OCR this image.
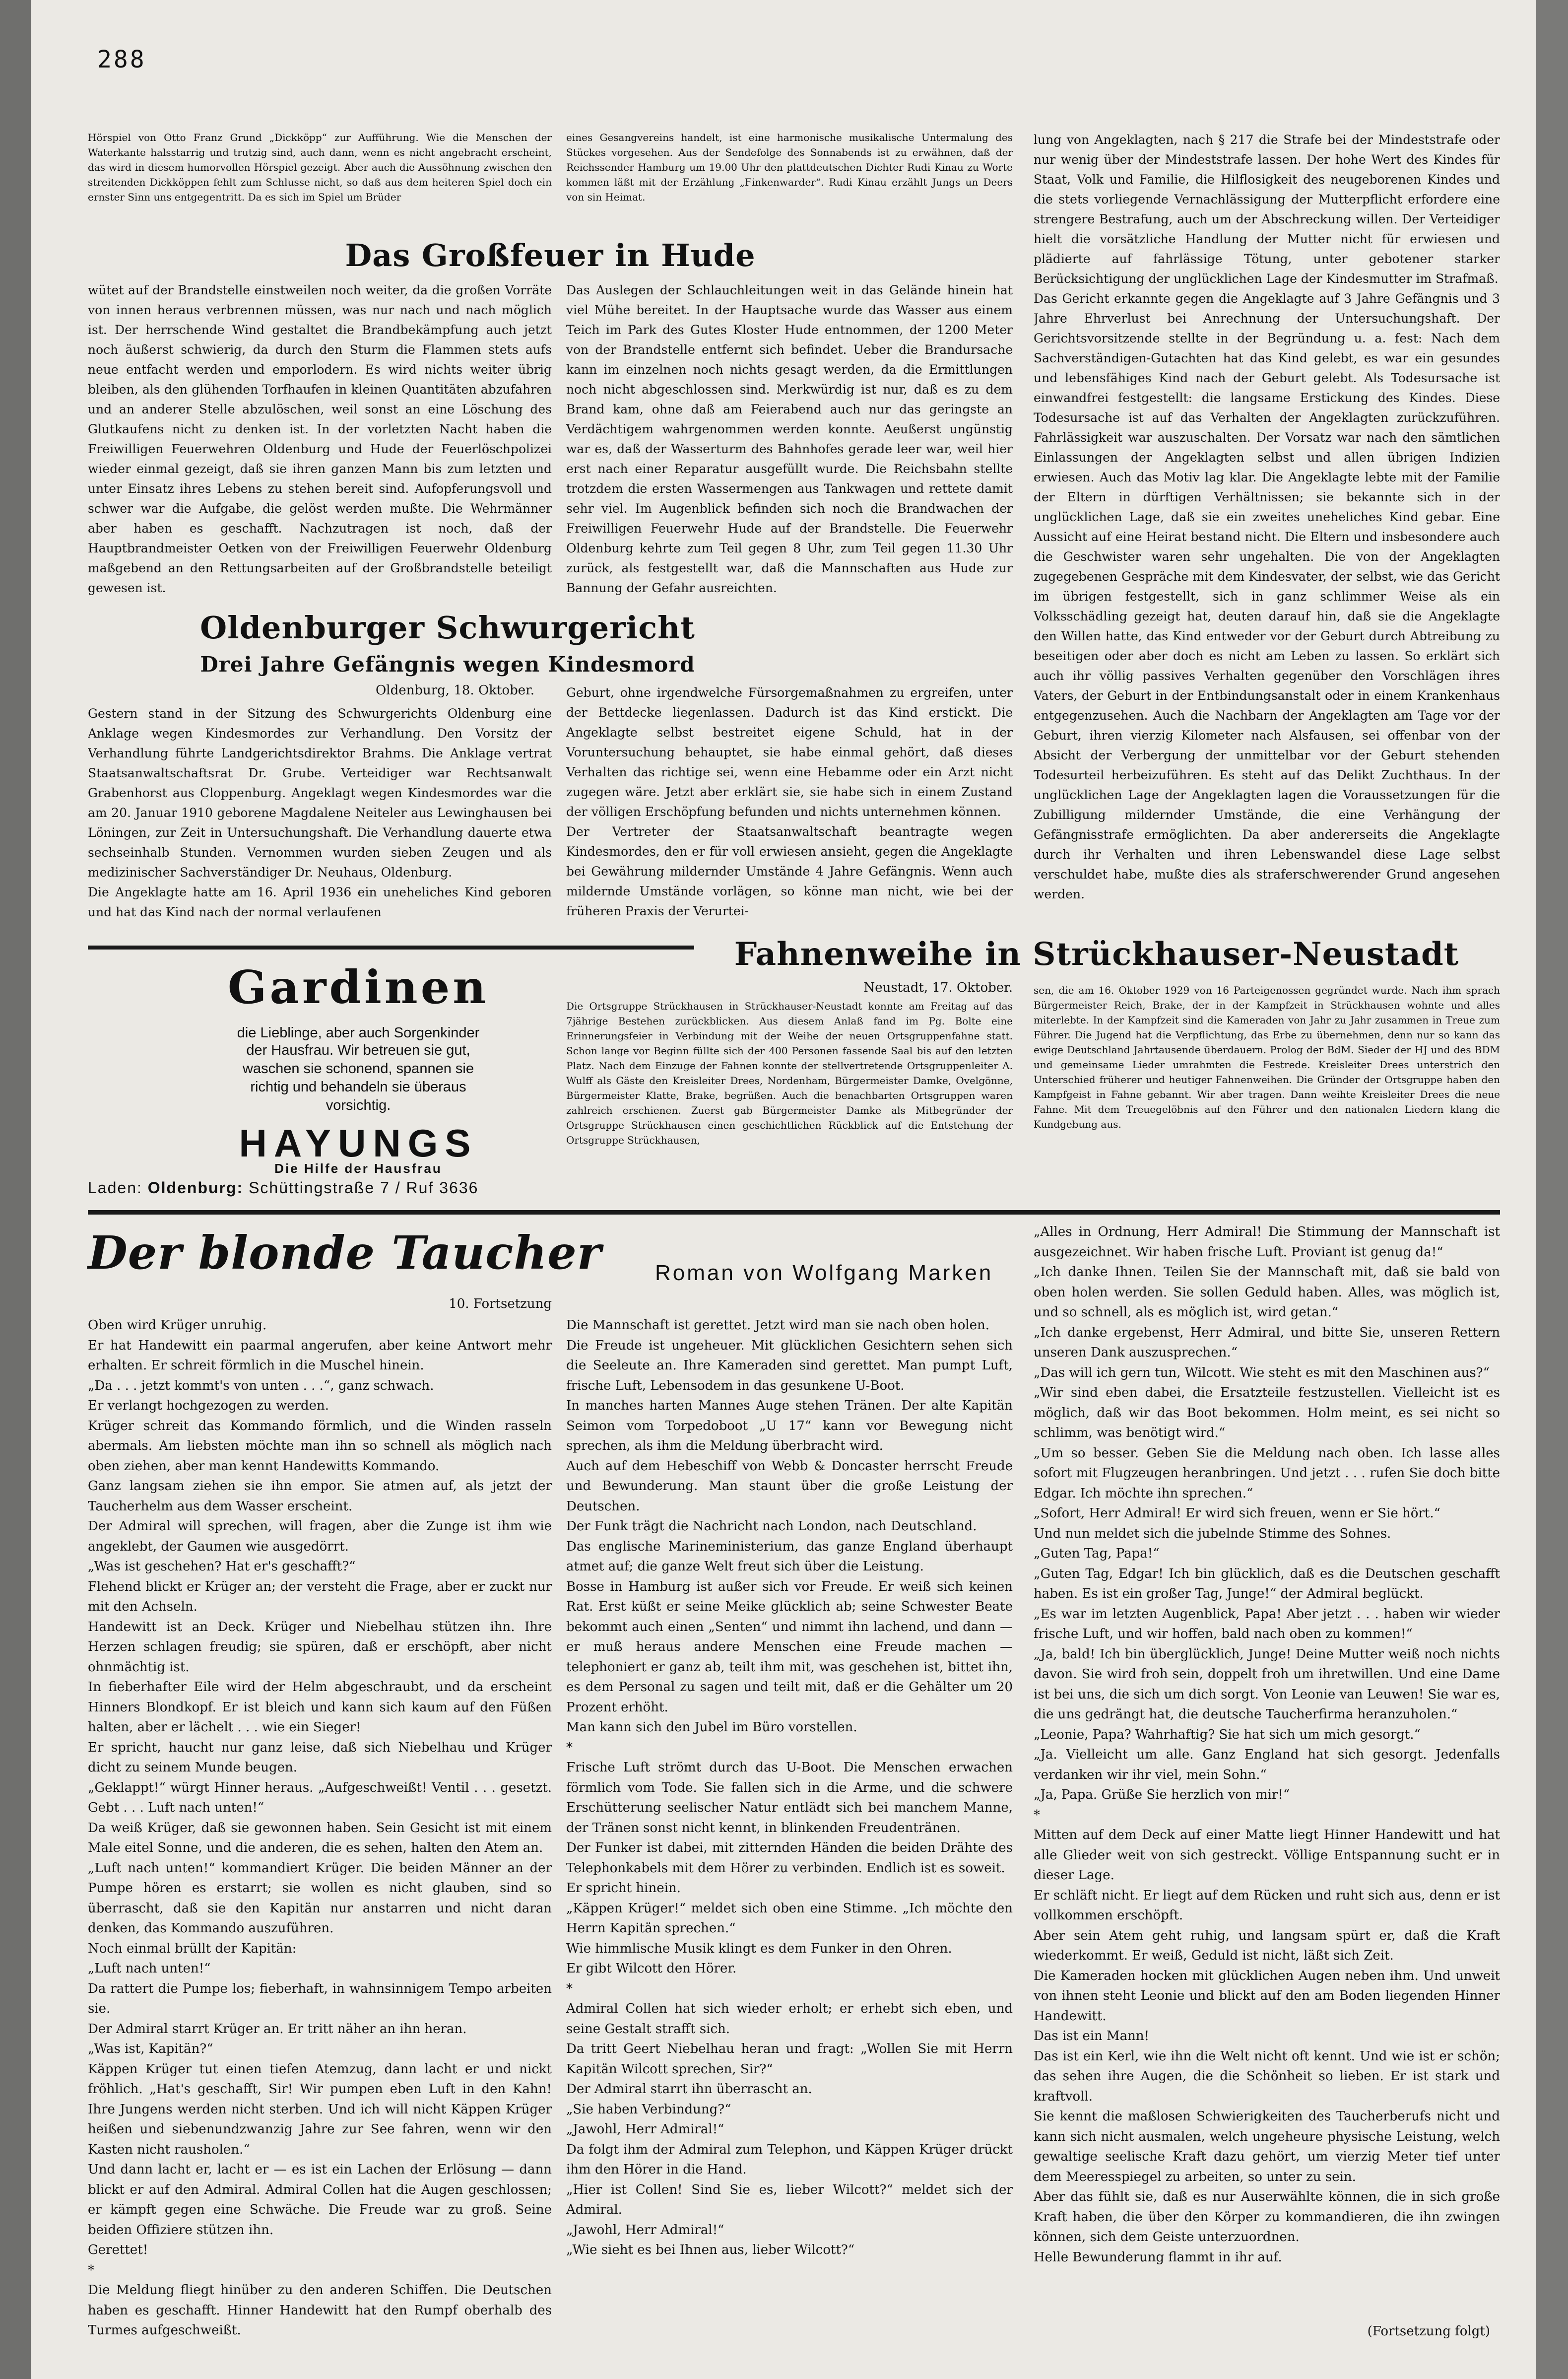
288

Hörspiel von Otto Franz Grund „Dickköpp“ zur Aufführung. Wie die Menschen der Waterkante halsstarrig und trutzig sind, auch dann, wenn es nicht angebracht erscheint, das wird in diesem humorvollen Hörspiel gezeigt. Aber auch die Aussöhnung zwischen den streitenden Dickköppen fehlt zum Schlusse nicht, so daß aus dem heiteren Spiel doch ein ernster Sinn uns entgegentritt. Da es sich im Spiel um Brüder

eines Gesangvereins handelt, ist eine harmonische musikalische Untermalung des Stückes vorgesehen. Aus der Sendefolge des Sonnabends ist zu erwähnen, daß der Reichssender Hamburg um 19.00 Uhr den plattdeutschen Dichter Rudi Kinau zu Worte kommen läßt mit der Erzählung „Finkenwarder“. Rudi Kinau erzählt Jungs un Deers von sin Heimat.

Das Großfeuer in Hude

wütet auf der Brandstelle einstweilen noch weiter, da die großen Vorräte von innen heraus verbrennen müssen, was nur nach und nach möglich ist. Der herrschende Wind gestaltet die Brandbekämpfung auch jetzt noch äußerst schwierig, da durch den Sturm die Flammen stets aufs neue entfacht werden und emporlodern. Es wird nichts weiter übrig bleiben, als den glühenden Torfhaufen in kleinen Quantitäten abzufahren und an anderer Stelle abzulöschen, weil sonst an eine Löschung des Glutkaufens nicht zu denken ist. In der vorletzten Nacht haben die Freiwilligen Feuerwehren Oldenburg und Hude der Feuerlöschpolizei wieder einmal gezeigt, daß sie ihren ganzen Mann bis zum letzten und unter Einsatz ihres Lebens zu stehen bereit sind. Aufopferungsvoll und schwer war die Aufgabe, die gelöst werden mußte. Die Wehrmänner aber haben es geschafft. Nachzutragen ist noch, daß der Hauptbrandmeister Oetken von der Freiwilligen Feuerwehr Oldenburg maßgebend an den Rettungsarbeiten auf der Großbrandstelle beteiligt gewesen ist.

Das Auslegen der Schlauchleitungen weit in das Gelände hinein hat viel Mühe bereitet. In der Hauptsache wurde das Wasser aus einem Teich im Park des Gutes Kloster Hude entnommen, der 1200 Meter von der Brandstelle entfernt sich befindet. Ueber die Brandursache kann im einzelnen noch nichts gesagt werden, da die Ermittlungen noch nicht abgeschlossen sind. Merkwürdig ist nur, daß es zu dem Brand kam, ohne daß am Feierabend auch nur das geringste an Verdächtigem wahrgenommen werden konnte. Aeußerst ungünstig war es, daß der Wasserturm des Bahnhofes gerade leer war, weil hier erst nach einer Reparatur ausgefüllt wurde. Die Reichsbahn stellte trotzdem die ersten Wassermengen aus Tankwagen und rettete damit sehr viel. Im Augenblick befinden sich noch die Brandwachen der Freiwilligen Feuerwehr Hude auf der Brandstelle. Die Feuerwehr Oldenburg kehrte zum Teil gegen 8 Uhr, zum Teil gegen 11.30 Uhr zurück, als festgestellt war, daß die Mannschaften aus Hude zur Bannung der Gefahr ausreichten.

Oldenburger Schwurgericht
Drei Jahre Gefängnis wegen Kindesmord

Oldenburg, 18. Oktober.

Gestern stand in der Sitzung des Schwurgerichts Oldenburg eine Anklage wegen Kindesmordes zur Verhandlung. Den Vorsitz der Verhandlung führte Landgerichtsdirektor Brahms. Die Anklage vertrat Staatsanwaltschaftsrat Dr. Grube. Verteidiger war Rechtsanwalt Grabenhorst aus Cloppenburg. Angeklagt wegen Kindesmordes war die am 20. Januar 1910 geborene Magdalene Neiteler aus Lewinghausen bei Löningen, zur Zeit in Untersuchungshaft. Die Verhandlung dauerte etwa sechseinhalb Stunden. Vernommen wurden sieben Zeugen und als medizinischer Sachverständiger Dr. Neuhaus, Oldenburg.
Die Angeklagte hatte am 16. April 1936 ein uneheliches Kind geboren und hat das Kind nach der normal verlaufenen

Geburt, ohne irgendwelche Fürsorgemaßnahmen zu ergreifen, unter der Bettdecke liegenlassen. Dadurch ist das Kind erstickt. Die Angeklagte selbst bestreitet eigene Schuld, hat in der Voruntersuchung behauptet, sie habe einmal gehört, daß dieses Verhalten das richtige sei, wenn eine Hebamme oder ein Arzt nicht zugegen wäre. Jetzt aber erklärt sie, sie habe sich in einem Zustand der völligen Erschöpfung befunden und nichts unternehmen können.
Der Vertreter der Staatsanwaltschaft beantragte wegen Kindesmordes, den er für voll erwiesen ansieht, gegen die Angeklagte bei Gewährung mildernder Umstände 4 Jahre Gefängnis. Wenn auch mildernde Umstände vorlägen, so könne man nicht, wie bei der früheren Praxis der Verurtei-

lung von Angeklagten, nach § 217 die Strafe bei der Mindeststrafe oder nur wenig über der Mindeststrafe lassen. Der hohe Wert des Kindes für Staat, Volk und Familie, die Hilflosigkeit des neugeborenen Kindes und die stets vorliegende Vernachlässigung der Mutterpflicht erfordere eine strengere Bestrafung, auch um der Abschreckung willen. Der Verteidiger hielt die vorsätzliche Handlung der Mutter nicht für erwiesen und plädierte auf fahrlässige Tötung, unter gebotener starker Berücksichtigung der unglücklichen Lage der Kindesmutter im Strafmaß.
Das Gericht erkannte gegen die Angeklagte auf 3 Jahre Gefängnis und 3 Jahre Ehrverlust bei Anrechnung der Untersuchungshaft. Der Gerichtsvorsitzende stellte in der Begründung u. a. fest: Nach dem Sachverständigen-Gutachten hat das Kind gelebt, es war ein gesundes und lebensfähiges Kind nach der Geburt gelebt. Als Todesursache ist einwandfrei festgestellt: die langsame Erstickung des Kindes. Diese Todesursache ist auf das Verhalten der Angeklagten zurückzuführen. Fahrlässigkeit war auszuschalten. Der Vorsatz war nach den sämtlichen Einlassungen der Angeklagten selbst und allen übrigen Indizien erwiesen. Auch das Motiv lag klar. Die Angeklagte lebte mit der Familie der Eltern in dürftigen Verhältnissen; sie bekannte sich in der unglücklichen Lage, daß sie ein zweites uneheliches Kind gebar. Eine Aussicht auf eine Heirat bestand nicht. Die Eltern und insbesondere auch die Geschwister waren sehr ungehalten. Die von der Angeklagten zugegebenen Gespräche mit dem Kindesvater, der selbst, wie das Gericht im übrigen festgestellt, sich in ganz schlimmer Weise als ein Volksschädling gezeigt hat, deuten darauf hin, daß sie die Angeklagte den Willen hatte, das Kind entweder vor der Geburt durch Abtreibung zu beseitigen oder aber doch es nicht am Leben zu lassen. So erklärt sich auch ihr völlig passives Verhalten gegenüber den Vorschlägen ihres Vaters, der Geburt in der Entbindungsanstalt oder in einem Krankenhaus entgegenzusehen. Auch die Nachbarn der Angeklagten am Tage vor der Geburt, ihren vierzig Kilometer nach Alsfausen, sei offenbar von der Absicht der Verbergung der unmittelbar vor der Geburt stehenden Todesurteil herbeizuführen. Es steht auf das Delikt Zuchthaus. In der unglücklichen Lage der Angeklagten lagen die Voraussetzungen für die Zubilligung mildernder Umstände, die eine Verhängung der Gefängnisstrafe ermöglichten. Da aber andererseits die Angeklagte durch ihr Verhalten und ihren Lebenswandel diese Lage selbst verschuldet habe, mußte dies als straferschwerender Grund angesehen werden.

Gardinen

die Lieblinge, aber auch Sorgenkinder

der Hausfrau. Wir betreuen sie gut,

waschen sie schonend, spannen sie

richtig und behandeln sie überaus

vorsichtig.

HAYUNGS

Die Hilfe der Hausfrau

Laden: Oldenburg: Schüttingstraße 7 / Ruf 3636

Fahnenweihe in Strückhauser-Neustadt

Neustadt, 17. Oktober.

Die Ortsgruppe Strückhausen in Strückhauser-Neustadt konnte am Freitag auf das 7jährige Bestehen zurückblicken. Aus diesem Anlaß fand im Pg. Bolte eine Erinnerungsfeier in Verbindung mit der Weihe der neuen Ortsgruppenfahne statt. Schon lange vor Beginn füllte sich der 400 Personen fassende Saal bis auf den letzten Platz. Nach dem Einzuge der Fahnen konnte der stellvertretende Ortsgruppenleiter A. Wulff als Gäste den Kreisleiter Drees, Nordenham, Bürgermeister Damke, Ovelgönne, Bürgermeister Klatte, Brake, begrüßen. Auch die benachbarten Ortsgruppen waren zahlreich erschienen. Zuerst gab Bürgermeister Damke als Mitbegründer der Ortsgruppe Strückhausen einen geschichtlichen Rückblick auf die Entstehung der Ortsgruppe Strückhausen,

sen, die am 16. Oktober 1929 von 16 Parteigenossen gegründet wurde. Nach ihm sprach Bürgermeister Reich, Brake, der in der Kampfzeit in Strückhausen wohnte und alles miterlebte. In der Kampfzeit sind die Kameraden von Jahr zu Jahr zusammen in Treue zum Führer. Die Jugend hat die Verpflichtung, das Erbe zu übernehmen, denn nur so kann das ewige Deutschland Jahrtausende überdauern. Prolog der BdM. Sieder der HJ und des BDM und gemeinsame Lieder umrahmten die Festrede. Kreisleiter Drees unterstrich den Unterschied früherer und heutiger Fahnenweihen. Die Gründer der Ortsgruppe haben den Kampfgeist in Fahne gebannt. Wir aber tragen. Dann weihte Kreisleiter Drees die neue Fahne. Mit dem Treuegelöbnis auf den Führer und den nationalen Liedern klang die Kundgebung aus.

Der blonde Taucher	Roman von Wolfgang Marken

10. Fortsetzung

Oben wird Krüger unruhig.
Er hat Handewitt ein paarmal angerufen, aber keine Antwort mehr erhalten. Er schreit förmlich in die Muschel hinein.
„Da . . . jetzt kommt's von unten . . .“, ganz schwach.
Er verlangt hochgezogen zu werden.
Krüger schreit das Kommando förmlich, und die Winden rasseln abermals. Am liebsten möchte man ihn so schnell als möglich nach oben ziehen, aber man kennt Handewitts Kommando.
Ganz langsam ziehen sie ihn empor. Sie atmen auf, als jetzt der Taucherhelm aus dem Wasser erscheint.
Der Admiral will sprechen, will fragen, aber die Zunge ist ihm wie angeklebt, der Gaumen wie ausgedörrt.
„Was ist geschehen? Hat er's geschafft?“
Flehend blickt er Krüger an; der versteht die Frage, aber er zuckt nur mit den Achseln.
Handewitt ist an Deck. Krüger und Niebelhau stützen ihn. Ihre Herzen schlagen freudig; sie spüren, daß er erschöpft, aber nicht ohnmächtig ist.
In fieberhafter Eile wird der Helm abgeschraubt, und da erscheint Hinners Blondkopf. Er ist bleich und kann sich kaum auf den Füßen halten, aber er lächelt . . . wie ein Sieger!
Er spricht, haucht nur ganz leise, daß sich Niebelhau und Krüger dicht zu seinem Munde beugen.
„Geklappt!“ würgt Hinner heraus. „Aufgeschweißt! Ventil . . . gesetzt. Gebt . . . Luft nach unten!“
Da weiß Krüger, daß sie gewonnen haben. Sein Gesicht ist mit einem Male eitel Sonne, und die anderen, die es sehen, halten den Atem an.
„Luft nach unten!“ kommandiert Krüger. Die beiden Männer an der Pumpe hören es erstarrt; sie wollen es nicht glauben, sind so überrascht, daß sie den Kapitän nur anstarren und nicht daran denken, das Kommando auszuführen.
Noch einmal brüllt der Kapitän:
„Luft nach unten!“
Da rattert die Pumpe los; fieberhaft, in wahnsinnigem Tempo arbeiten sie.
Der Admiral starrt Krüger an. Er tritt näher an ihn heran.
„Was ist, Kapitän?“
Käppen Krüger tut einen tiefen Atemzug, dann lacht er und nickt fröhlich. „Hat's geschafft, Sir! Wir pumpen eben Luft in den Kahn! Ihre Jungens werden nicht sterben. Und ich will nicht Käppen Krüger heißen und siebenundzwanzig Jahre zur See fahren, wenn wir den Kasten nicht rausholen.“
Und dann lacht er, lacht er — es ist ein Lachen der Erlösung — dann blickt er auf den Admiral. Admiral Collen hat die Augen geschlossen; er kämpft gegen eine Schwäche. Die Freude war zu groß. Seine beiden Offiziere stützen ihn.
Gerettet!
*
Die Meldung fliegt hinüber zu den anderen Schiffen. Die Deutschen haben es geschafft. Hinner Handewitt hat den Rumpf oberhalb des Turmes aufgeschweißt.

Die Mannschaft ist gerettet. Jetzt wird man sie nach oben holen.
Die Freude ist ungeheuer. Mit glücklichen Gesichtern sehen sich die Seeleute an. Ihre Kameraden sind gerettet. Man pumpt Luft, frische Luft, Lebensodem in das gesunkene U-Boot.
In manches harten Mannes Auge stehen Tränen. Der alte Kapitän Seimon vom Torpedoboot „U 17“ kann vor Bewegung nicht sprechen, als ihm die Meldung überbracht wird.
Auch auf dem Hebeschiff von Webb & Doncaster herrscht Freude und Bewunderung. Man staunt über die große Leistung der Deutschen.
Der Funk trägt die Nachricht nach London, nach Deutschland.
Das englische Marineministerium, das ganze England überhaupt atmet auf; die ganze Welt freut sich über die Leistung.
Bosse in Hamburg ist außer sich vor Freude. Er weiß sich keinen Rat. Erst küßt er seine Meike glücklich ab; seine Schwester Beate bekommt auch einen „Senten“ und nimmt ihn lachend, und dann — er muß heraus andere Menschen eine Freude machen — telephoniert er ganz ab, teilt ihm mit, was geschehen ist, bittet ihn, es dem Personal zu sagen und teilt mit, daß er die Gehälter um 20 Prozent erhöht.
Man kann sich den Jubel im Büro vorstellen.
*
Frische Luft strömt durch das U-Boot. Die Menschen erwachen förmlich vom Tode. Sie fallen sich in die Arme, und die schwere Erschütterung seelischer Natur entlädt sich bei manchem Manne, der Tränen sonst nicht kennt, in blinkenden Freudentränen.
Der Funker ist dabei, mit zitternden Händen die beiden Drähte des Telephonkabels mit dem Hörer zu verbinden. Endlich ist es soweit.
Er spricht hinein.
„Käppen Krüger!“ meldet sich oben eine Stimme. „Ich möchte den Herrn Kapitän sprechen.“
Wie himmlische Musik klingt es dem Funker in den Ohren.
Er gibt Wilcott den Hörer.
*
Admiral Collen hat sich wieder erholt; er erhebt sich eben, und seine Gestalt strafft sich.
Da tritt Geert Niebelhau heran und fragt: „Wollen Sie mit Herrn Kapitän Wilcott sprechen, Sir?“
Der Admiral starrt ihn überrascht an.
„Sie haben Verbindung?“
„Jawohl, Herr Admiral!“
Da folgt ihm der Admiral zum Telephon, und Käppen Krüger drückt ihm den Hörer in die Hand.
„Hier ist Collen! Sind Sie es, lieber Wilcott?“ meldet sich der Admiral.
„Jawohl, Herr Admiral!“
„Wie sieht es bei Ihnen aus, lieber Wilcott?“

„Alles in Ordnung, Herr Admiral! Die Stimmung der Mannschaft ist ausgezeichnet. Wir haben frische Luft. Proviant ist genug da!“
„Ich danke Ihnen. Teilen Sie der Mannschaft mit, daß sie bald von oben holen werden. Sie sollen Geduld haben. Alles, was möglich ist, und so schnell, als es möglich ist, wird getan.“
„Ich danke ergebenst, Herr Admiral, und bitte Sie, unseren Rettern unseren Dank auszusprechen.“
„Das will ich gern tun, Wilcott. Wie steht es mit den Maschinen aus?“
„Wir sind eben dabei, die Ersatzteile festzustellen. Vielleicht ist es möglich, daß wir das Boot bekommen. Holm meint, es sei nicht so schlimm, was benötigt wird.“
„Um so besser. Geben Sie die Meldung nach oben. Ich lasse alles sofort mit Flugzeugen heranbringen. Und jetzt . . . rufen Sie doch bitte Edgar. Ich möchte ihn sprechen.“
„Sofort, Herr Admiral! Er wird sich freuen, wenn er Sie hört.“
Und nun meldet sich die jubelnde Stimme des Sohnes.
„Guten Tag, Papa!“
„Guten Tag, Edgar! Ich bin glücklich, daß es die Deutschen geschafft haben. Es ist ein großer Tag, Junge!“ der Admiral beglückt.
„Es war im letzten Augenblick, Papa! Aber jetzt . . . haben wir wieder frische Luft, und wir hoffen, bald nach oben zu kommen!“
„Ja, bald! Ich bin überglücklich, Junge! Deine Mutter weiß noch nichts davon. Sie wird froh sein, doppelt froh um ihretwillen. Und eine Dame ist bei uns, die sich um dich sorgt. Von Leonie van Leuwen! Sie war es, die uns gedrängt hat, die deutsche Taucherfirma heranzuholen.“
„Leonie, Papa? Wahrhaftig? Sie hat sich um mich gesorgt.“
„Ja. Vielleicht um alle. Ganz England hat sich gesorgt. Jedenfalls verdanken wir ihr viel, mein Sohn.“
„Ja, Papa. Grüße Sie herzlich von mir!“
*
Mitten auf dem Deck auf einer Matte liegt Hinner Handewitt und hat alle Glieder weit von sich gestreckt. Völlige Entspannung sucht er in dieser Lage.
Er schläft nicht. Er liegt auf dem Rücken und ruht sich aus, denn er ist vollkommen erschöpft.
Aber sein Atem geht ruhig, und langsam spürt er, daß die Kraft wiederkommt. Er weiß, Geduld ist nicht, läßt sich Zeit.
Die Kameraden hocken mit glücklichen Augen neben ihm. Und unweit von ihnen steht Leonie und blickt auf den am Boden liegenden Hinner Handewitt.
Das ist ein Mann!
Das ist ein Kerl, wie ihn die Welt nicht oft kennt. Und wie ist er schön; das sehen ihre Augen, die die Schönheit so lieben. Er ist stark und kraftvoll.
Sie kennt die maßlosen Schwierigkeiten des Taucherberufs nicht und kann sich nicht ausmalen, welch ungeheure physische Leistung, welch gewaltige seelische Kraft dazu gehört, um vierzig Meter tief unter dem Meeresspiegel zu arbeiten, so unter zu sein.
Aber das fühlt sie, daß es nur Auserwählte können, die in sich große Kraft haben, die über den Körper zu kommandieren, die ihn zwingen können, sich dem Geiste unterzuordnen.
Helle Bewunderung flammt in ihr auf.

(Fortsetzung folgt)
